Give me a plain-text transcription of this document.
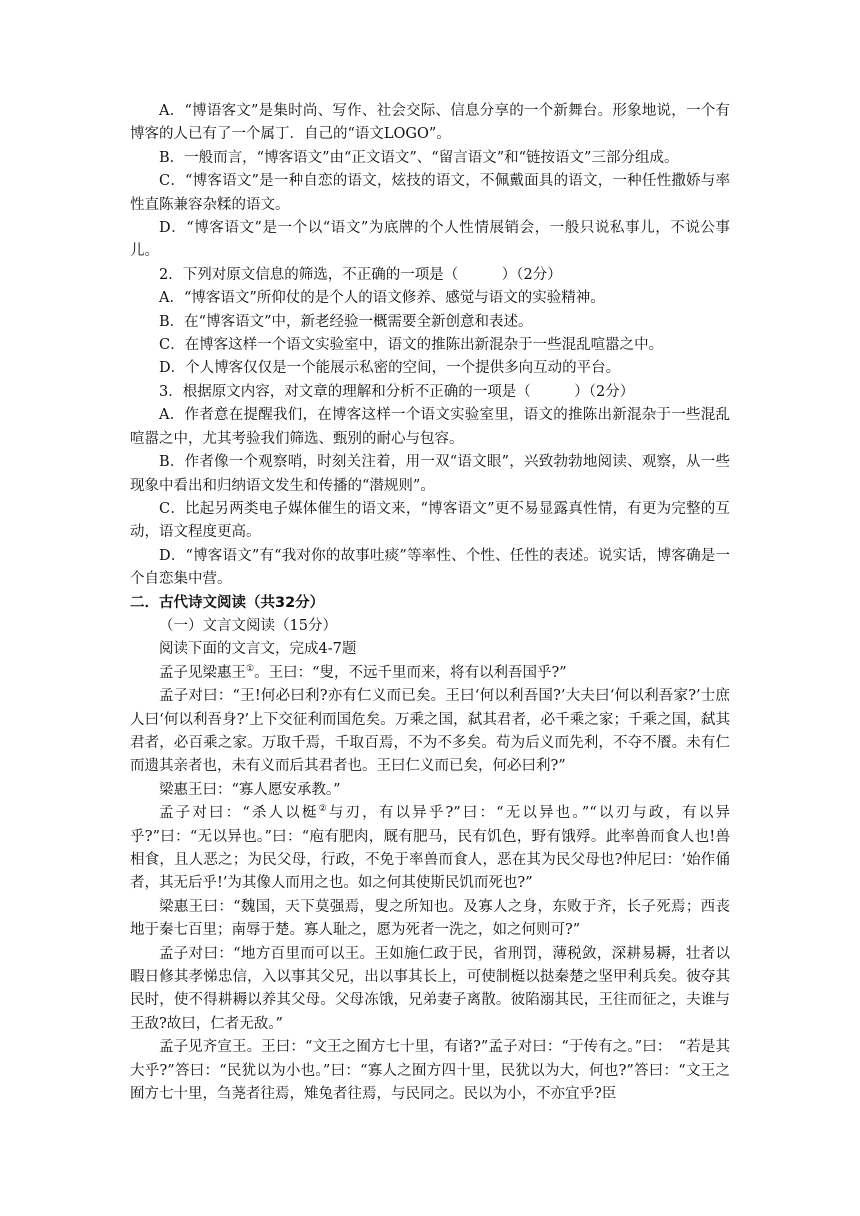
A．“博语客文”是集时尚、写作、社会交际、信息分享的一个新舞台。形象地说，一个有博客的人已有了一个属丁．自己的“语文LOGO”。

B．一般而言，“博客语文”由“正文语文”、“留言语文”和“链按语文”三部分组成。

C．“博客语文”是一种自恋的语文，炫技的语文，不佩戴面具的语文，一种任性撒娇与率性直陈兼容杂糅的语文。

D．“博客语文”是一个以“语文”为底牌的个人性情展销会，一般只说私事儿，不说公事儿。

2．下列对原文信息的筛选，不正确的一项是（　　　）（2分）

A．“博客语文”所仰仗的是个人的语文修养、感觉与语文的实验精神。

B．在“博客语文”中，新老经验一概需要全新创意和表述。

C．在博客这样一个语文实验室中，语文的推陈出新混杂于一些混乱喧嚣之中。

D．个人博客仅仅是一个能展示私密的空间，一个提供多向互动的平台。

3．根据原文内容，对文章的理解和分析不正确的一项是（　　　）（2分）

A．作者意在提醒我们，在博客这样一个语文实验室里，语文的推陈出新混杂于一些混乱喧嚣之中，尤其考验我们筛选、甄别的耐心与包容。

B．作者像一个观察哨，时刻关注着，用一双“语文眼”，兴致勃勃地阅读、观察，从一些现象中看出和归纳语文发生和传播的“潜规则”。

C．比起另两类电子媒体催生的语文来，“博客语文”更不易显露真性情，有更为完整的互动，语文程度更高。

D．“博客语文”有“我对你的故事吐痰”等率性、个性、任性的表述。说实话，博客确是一个自恋集中营。

二．古代诗文阅读（共32分）

（一）文言文阅读（15分）

阅读下面的文言文，完成4-7题

孟子见梁惠王①。王曰：“叟，不远千里而来，将有以利吾国乎?”

孟子对曰：“王!何必曰利?亦有仁义而已矣。王曰‘何以利吾国?’大夫曰‘何以利吾家?’士庶人曰‘何以利吾身?’上下交征利而国危矣。万乘之国，弑其君者，必千乘之家；千乘之国，弑其君者，必百乘之家。万取千焉，千取百焉，不为不多矣。苟为后义而先利，不夺不餍。未有仁而遗其亲者也，未有义而后其君者也。王曰仁义而已矣，何必曰利?”

梁惠王曰：“寡人愿安承教。”

孟子对曰：“杀人以梃②与刃，有以异乎?”曰：“无以异也。”“以刃与政，有以异乎?”曰：“无以异也。”曰：“庖有肥肉，厩有肥马，民有饥色，野有饿殍。此率兽而食人也!兽相食，且人恶之；为民父母，行政，不免于率兽而食人，恶在其为民父母也?仲尼曰：‘始作俑者，其无后乎!’为其像人而用之也。如之何其使斯民饥而死也?”

梁惠王曰：“魏国，天下莫强焉，叟之所知也。及寡人之身，东败于齐，长子死焉；西丧地于秦七百里；南辱于楚。寡人耻之，愿为死者一洗之，如之何则可?”

孟子对曰：“地方百里而可以王。王如施仁政于民，省刑罚，薄税敛，深耕易耨，壮者以暇日修其孝悌忠信，入以事其父兄，出以事其长上，可使制梃以挞秦楚之坚甲利兵矣。彼夺其民时，使不得耕耨以养其父母。父母冻饿，兄弟妻子离散。彼陷溺其民，王往而征之，夫谁与王敌?故曰，仁者无敌。”

孟子见齐宣王。王曰：“文王之囿方七十里，有诸?”孟子对曰：“于传有之。”曰：　“若是其大乎?”答曰：“民犹以为小也。”曰：“寡人之囿方四十里，民犹以为大，何也?”答曰：“文王之囿方七十里，刍荛者往焉，雉兔者往焉，与民同之。民以为小，不亦宜乎?臣
